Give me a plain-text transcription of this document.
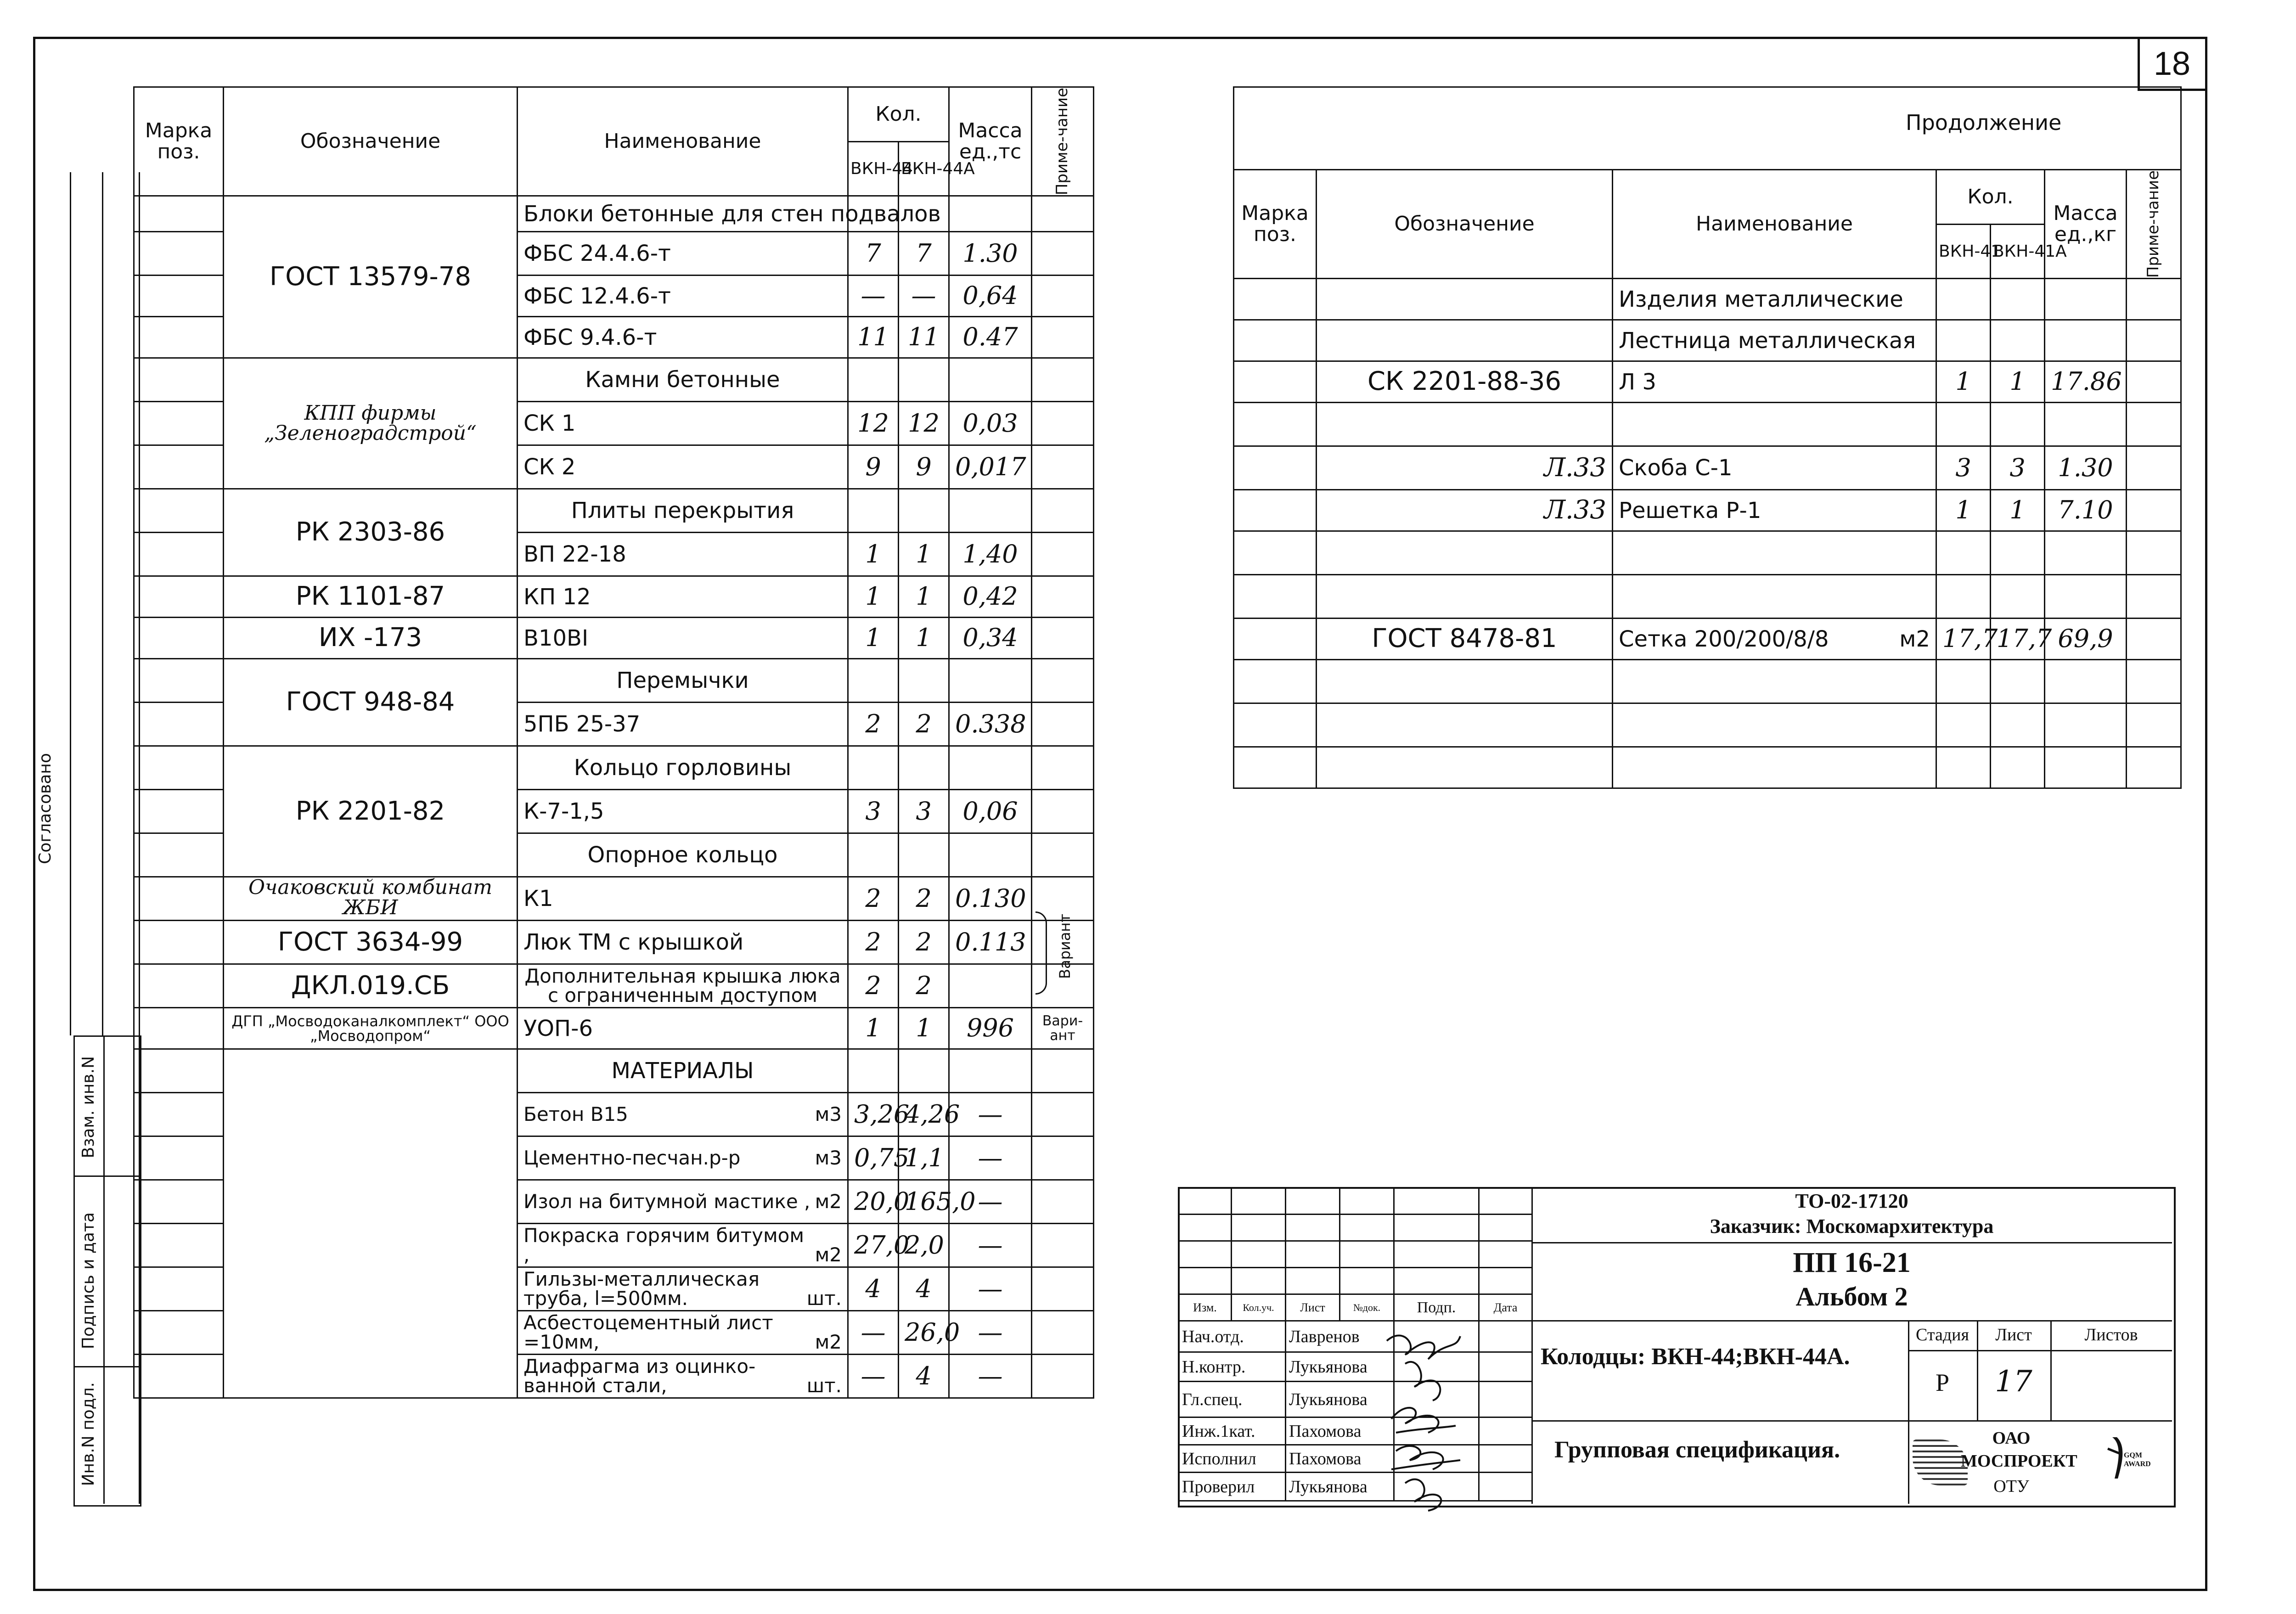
18
Согласовано
Взам. инв.N
Подпись и дата
Инв.N подл.
Марка поз.	Обозначение	Наименование	Кол.		Масса ед.,тс	Приме-чание

			ВКН-44	ВКН-44А		
	ГОСТ 13579-78	Блоки бетонные для стен подвалов				
		ФБС 24.4.6-т	7	7	1.30	
		ФБС 12.4.6-т	—	—	0,64	
		ФБС 9.4.6-т	11	11	0.47	
	КПП фирмы „Зеленоградстрой“	Камни бетонные				
		СК 1	12	12	0,03	
		СК 2	9	9	0,017	
	РК 2303-86	Плиты перекрытия				
		ВП 22-18	1	1	1,40	
	РК 1101-87	КП 12	1	1	0,42	
	ИХ -173	В10ВI	1	1	0,34	
	ГОСТ 948-84	Перемычки				
		5ПБ 25-37	2	2	0.338	
	РК 2201-82	Кольцо горловины				
		К-7-1,5	3	3	0,06	
		Опорное кольцо				
	Очаковский комбинат ЖБИ	К1	2	2	0.130	
	ГОСТ 3634-99	Люк ТМ с крышкой	2	2	0.113	
	ДКЛ.019.СБ	Дополнительная крышка люка с ограниченным доступом	2	2		
	ДГП „Мосводоканалкомплект“ ООО „Мосводопром“	УОП-6	1	1	996	Вари-ант
		МАТЕРИАЛЫ				

		Бетон В15 м3	3,26	4,26	—	

		Цементно-песчан.р-р м3	0,75	1,1	—	

		Изол на битумной мастике , м2	20,0	165,0	—	

		Покраска горячим битумом , м2	27,0	2,0	—	

		Гильзы-металлическая труба, l=500мм. шт.	4	4	—	

		Асбестоцементный лист =10мм, м2	—	26,0	—	

		Диафрагма из оцинко-ванной стали, шт.	—	4	—	
Вариант
Продолжение
Марка поз.	Обозначение	Наименование	Кол.		Масса ед.,кг	Приме-чание

			ВКН-41	ВКН-41А		
		Изделия металлические				
		Лестница металлическая				
	СК 2201-88-36	Л 3	1	1	17.86	

	Л.33	Скоба С-1	3	3	1.30	
	Л.33	Решетка Р-1	1	1	7.10	

	ГОСТ 8478-81	Сетка 200/200/8/8 м2	17,7	17,7	69,9	

Изм.	Кол.уч.	Лист	№док.	Подп.	Дата
Нач.отд.	Лавренов		
Н.контр.	Лукьянова		
Гл.спец.	Лукьянова		
Инж.1кат.	Пахомова		
Исполнил	Пахомова		
Проверил	Лукьянова		
ТО-02-17120
Заказчик: Москомархитектура
ПП 16-21
Альбом 2
Колодцы: ВКН-44;ВКН-44А.
Групповая спецификация.
Стадия	Лист	Листов
Р	17
ОАО
МОСПРОЕКТ
ОТУ
GQM AWARD
